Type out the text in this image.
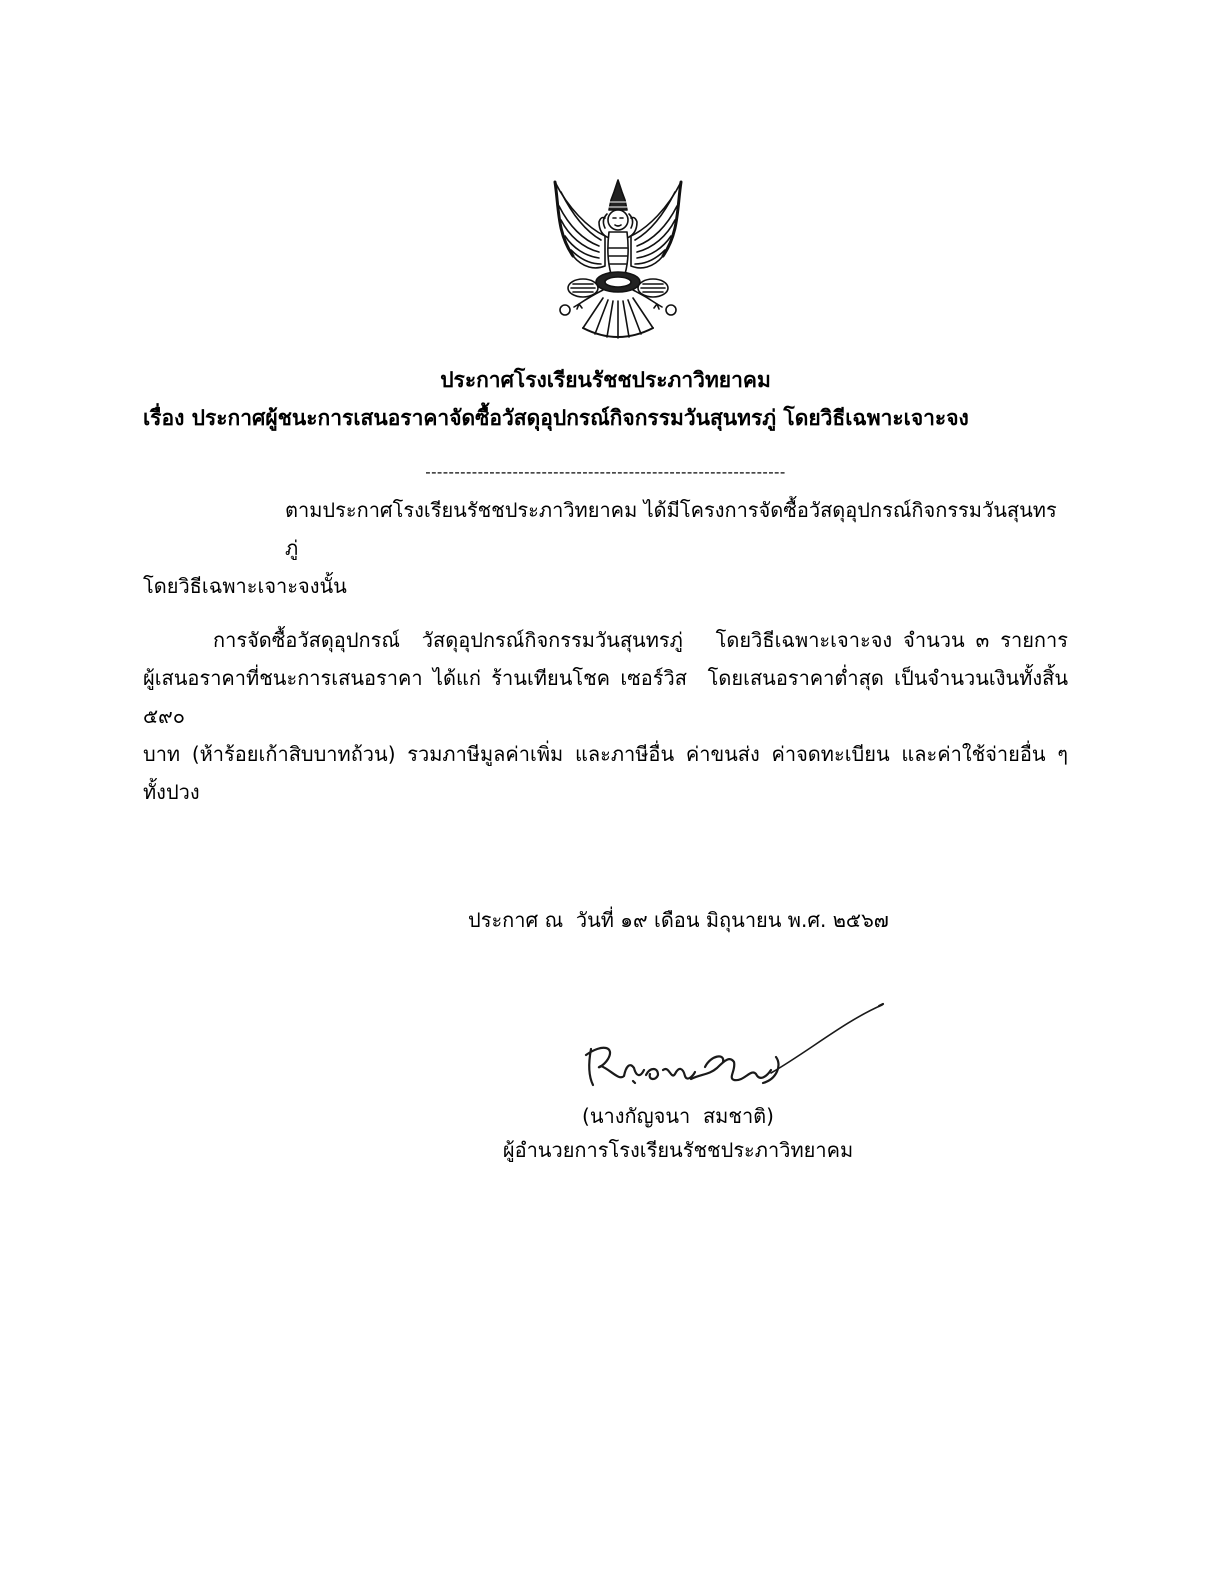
ประกาศโรงเรียนรัชชประภาวิทยาคม
เรื่อง ประกาศผู้ชนะการเสนอราคาจัดซื้อวัสดุอุปกรณ์กิจกรรมวันสุนทรภู่ โดยวิธีเฉพาะเจาะจง
--------------------------------------------------------------
ตามประกาศโรงเรียนรัชชประภาวิทยาคม ได้มีโครงการจัดซื้อวัสดุอุปกรณ์กิจกรรมวันสุนทรภู่
โดยวิธีเฉพาะเจาะจงนั้น
การจัดซื้อวัสดุอุปกรณ์  วัสดุอุปกรณ์กิจกรรมวันสุนทรภู่   โดยวิธีเฉพาะเจาะจง จำนวน ๓ รายการ
ผู้เสนอราคาที่ชนะการเสนอราคา ได้แก่ ร้านเทียนโชค เซอร์วิส  โดยเสนอราคาต่ำสุด เป็นจำนวนเงินทั้งสิ้น ๕๙๐
บาท (ห้าร้อยเก้าสิบบาทถ้วน) รวมภาษีมูลค่าเพิ่ม และภาษีอื่น ค่าขนส่ง ค่าจดทะเบียน และค่าใช้จ่ายอื่น ๆ
ทั้งปวง
ประกาศ ณ  วันที่ ๑๙ เดือน มิถุนายน พ.ศ. ๒๕๖๗
(นางกัญจนา  สมชาติ)
ผู้อำนวยการโรงเรียนรัชชประภาวิทยาคม
